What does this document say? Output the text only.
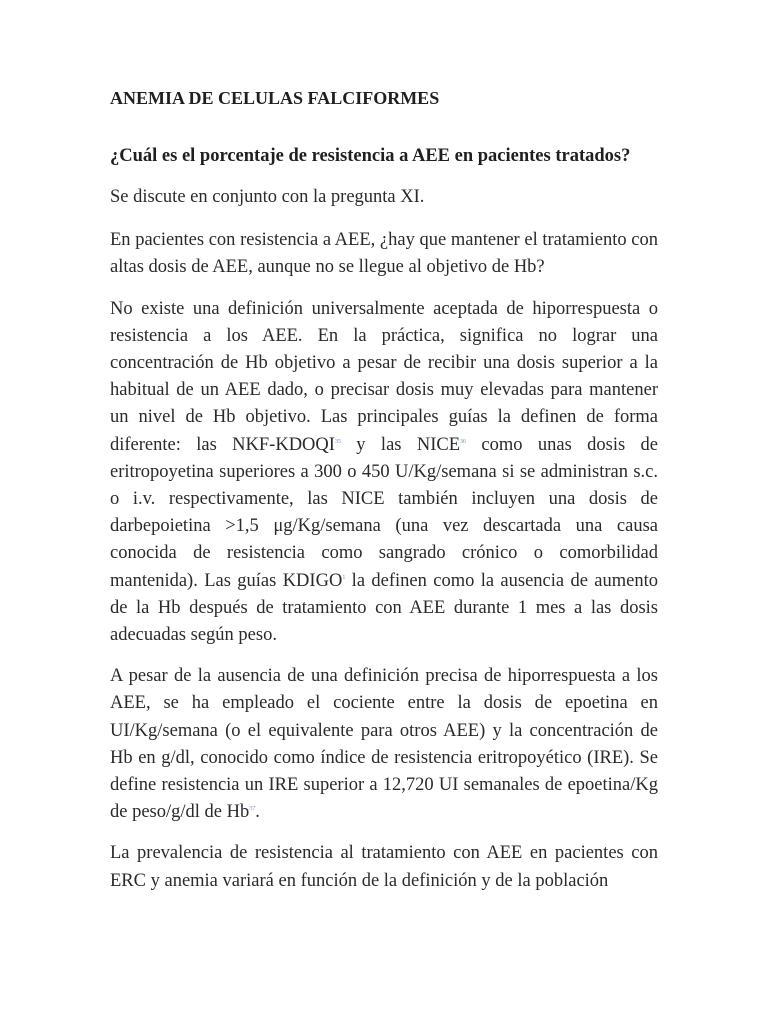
ANEMIA DE CELULAS FALCIFORMES
¿Cuál es el porcentaje de resistencia a AEE en pacientes tratados?

Se discute en conjunto con la pregunta XI.

En pacientes con resistencia a AEE, ¿hay que mantener el tratamiento con altas dosis de AEE, aunque no se llegue al objetivo de Hb?

No existe una definición universalmente aceptada de hiporrespuesta o resistencia a los AEE. En la práctica, significa no lograr una concentración de Hb objetivo a pesar de recibir una dosis superior a la habitual de un AEE dado, o precisar dosis muy elevadas para mantener un nivel de Hb objetivo. Las principales guías la definen de forma diferente: las NKF-KDOQI$^{35}$ y las NICE$^{36}$ como unas dosis de eritropoyetina superiores a 300 o 450 U/Kg/semana si se administran s.c. o i.v. respectivamente, las NICE también incluyen una dosis de darbepoietina >1,5 μg/Kg/semana (una vez descartada una causa conocida de resistencia como sangrado crónico o comorbilidad mantenida). Las guías KDIGO$^1$ la definen como la ausencia de aumento de la Hb después de tratamiento con AEE durante 1 mes a las dosis adecuadas según peso.

A pesar de la ausencia de una definición precisa de hiporrespuesta a los AEE, se ha empleado el cociente entre la dosis de epoetina en UI/Kg/semana (o el equivalente para otros AEE) y la concentración de Hb en g/dl, conocido como índice de resistencia eritropoyético (IRE). Se define resistencia un IRE superior a 12,720 UI semanales de epoetina/Kg de peso/g/dl de Hb$^{37}$.

La prevalencia de resistencia al tratamiento con AEE en pacientes con ERC y anemia variará en función de la definición y de la población
